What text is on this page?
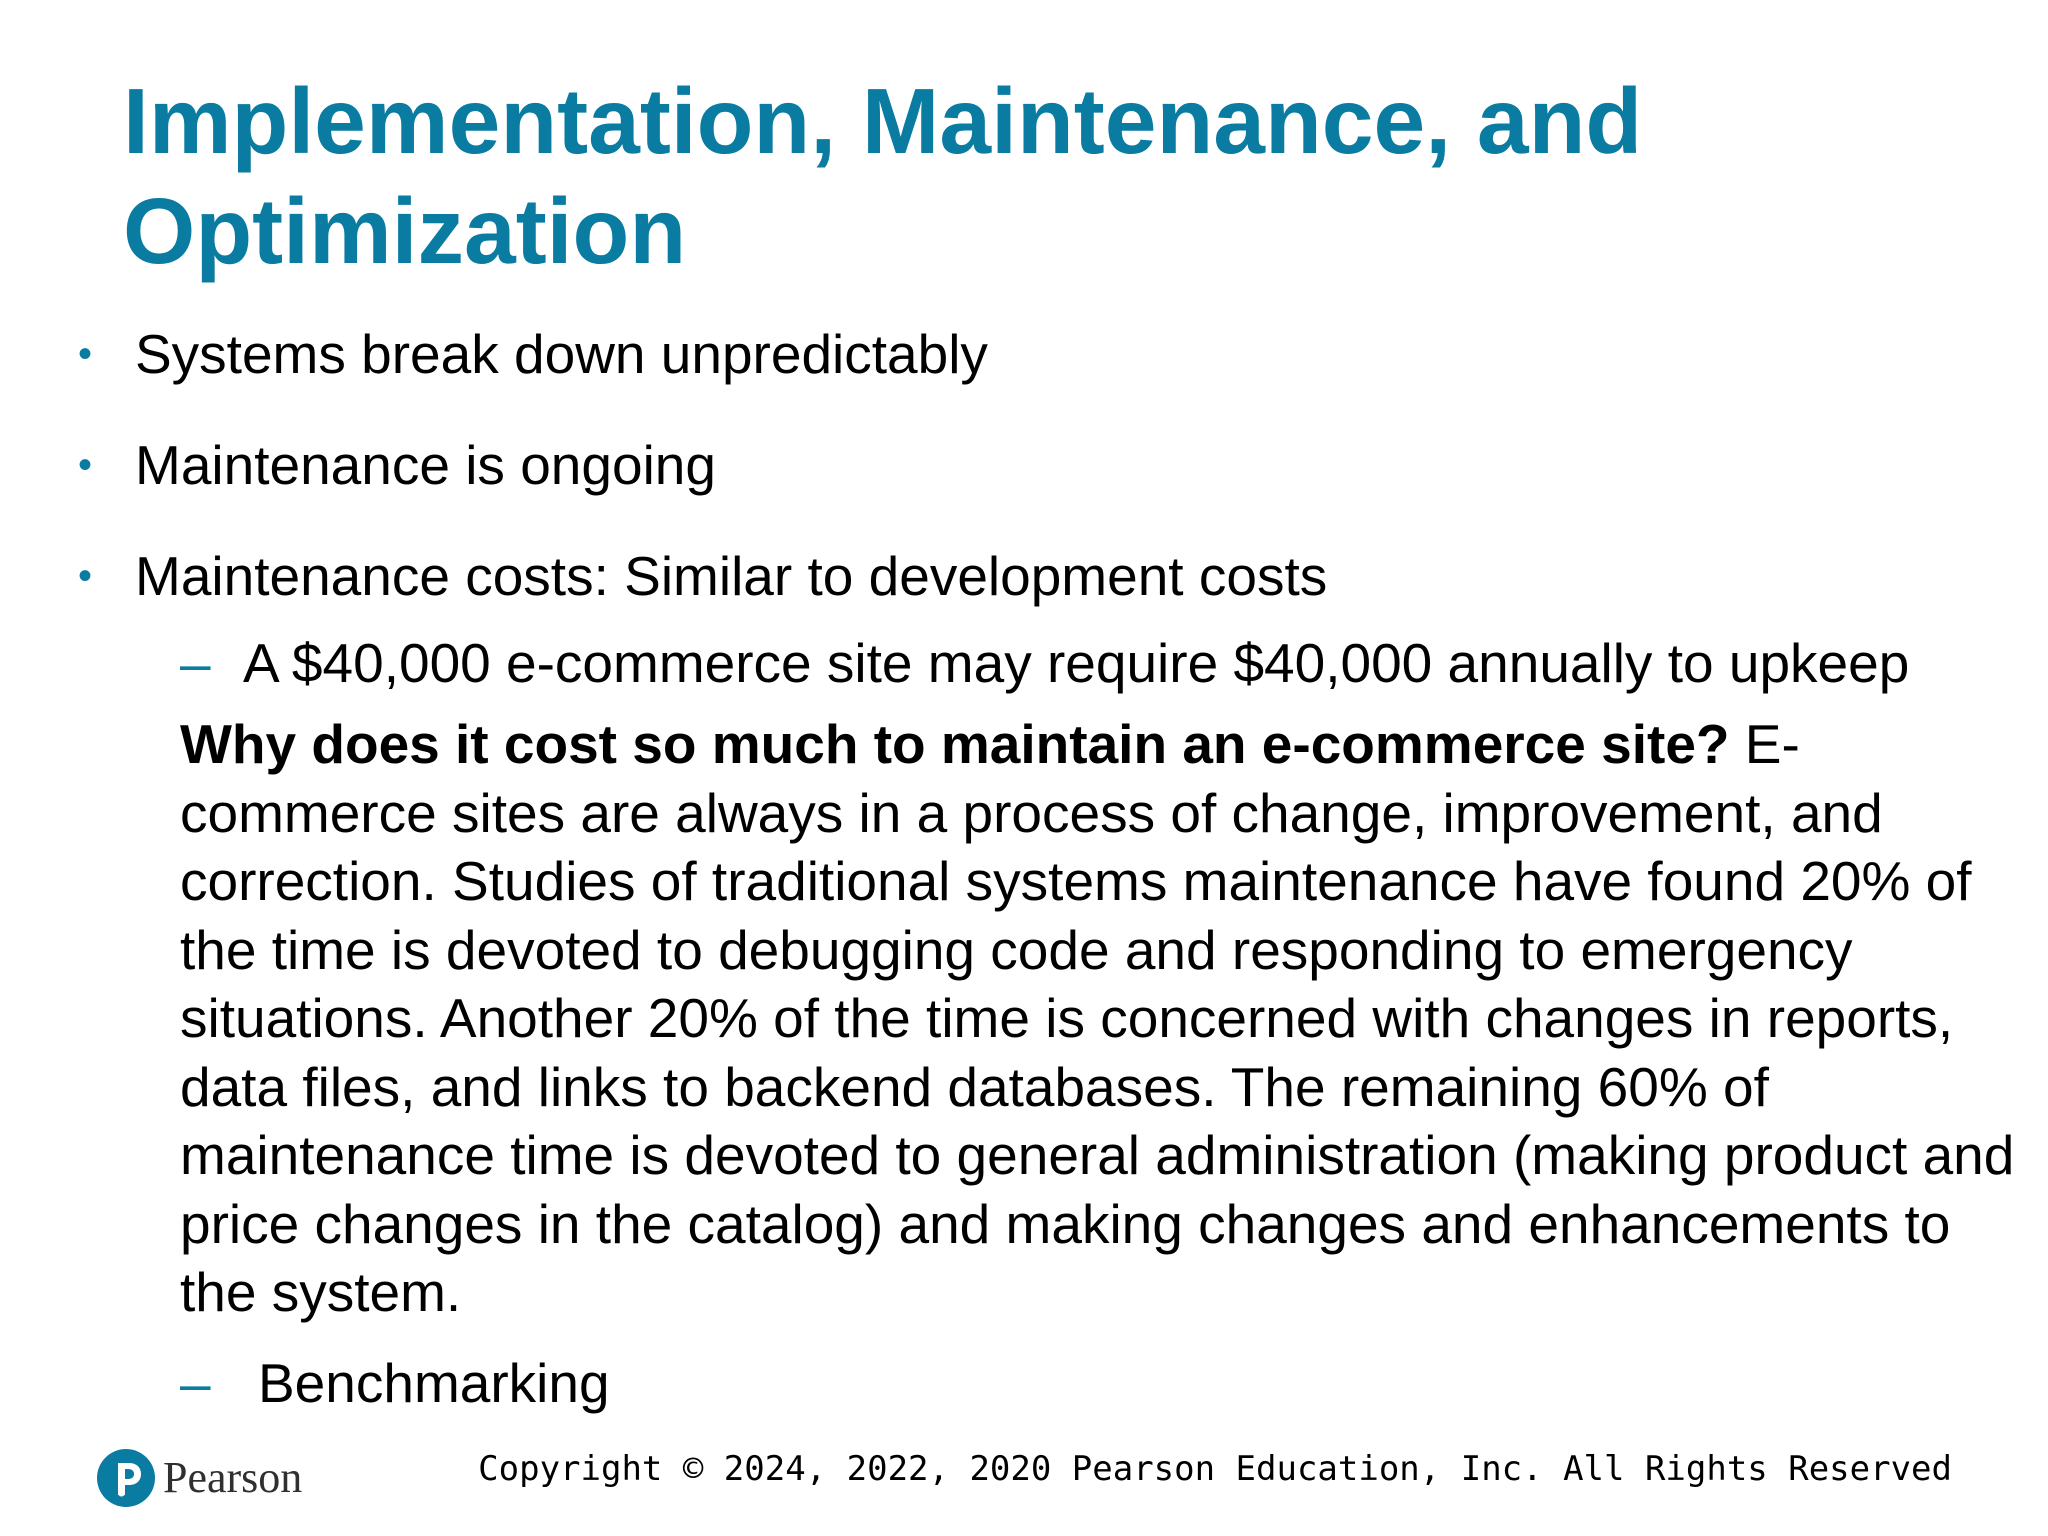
Implementation, Maintenance, and Optimization
• Systems break down unpredictably
• Maintenance is ongoing
• Maintenance costs: Similar to development costs
– A $40,000 e-commerce site may require $40,000 annually to upkeep

Why does it cost so much to maintain an e-commerce site? E-commerce sites are always in a process of change, improvement, and correction. Studies of traditional systems maintenance have found 20% of the time is devoted to debugging code and responding to emergency situations. Another 20% of the time is concerned with changes in reports, data files, and links to backend databases. The remaining 60% of maintenance time is devoted to general administration (making product and price changes in the catalog) and making changes and enhancements to the system.

– Benchmarking
Pearson	Copyright © 2024, 2022, 2020 Pearson Education, Inc. All Rights Reserved
